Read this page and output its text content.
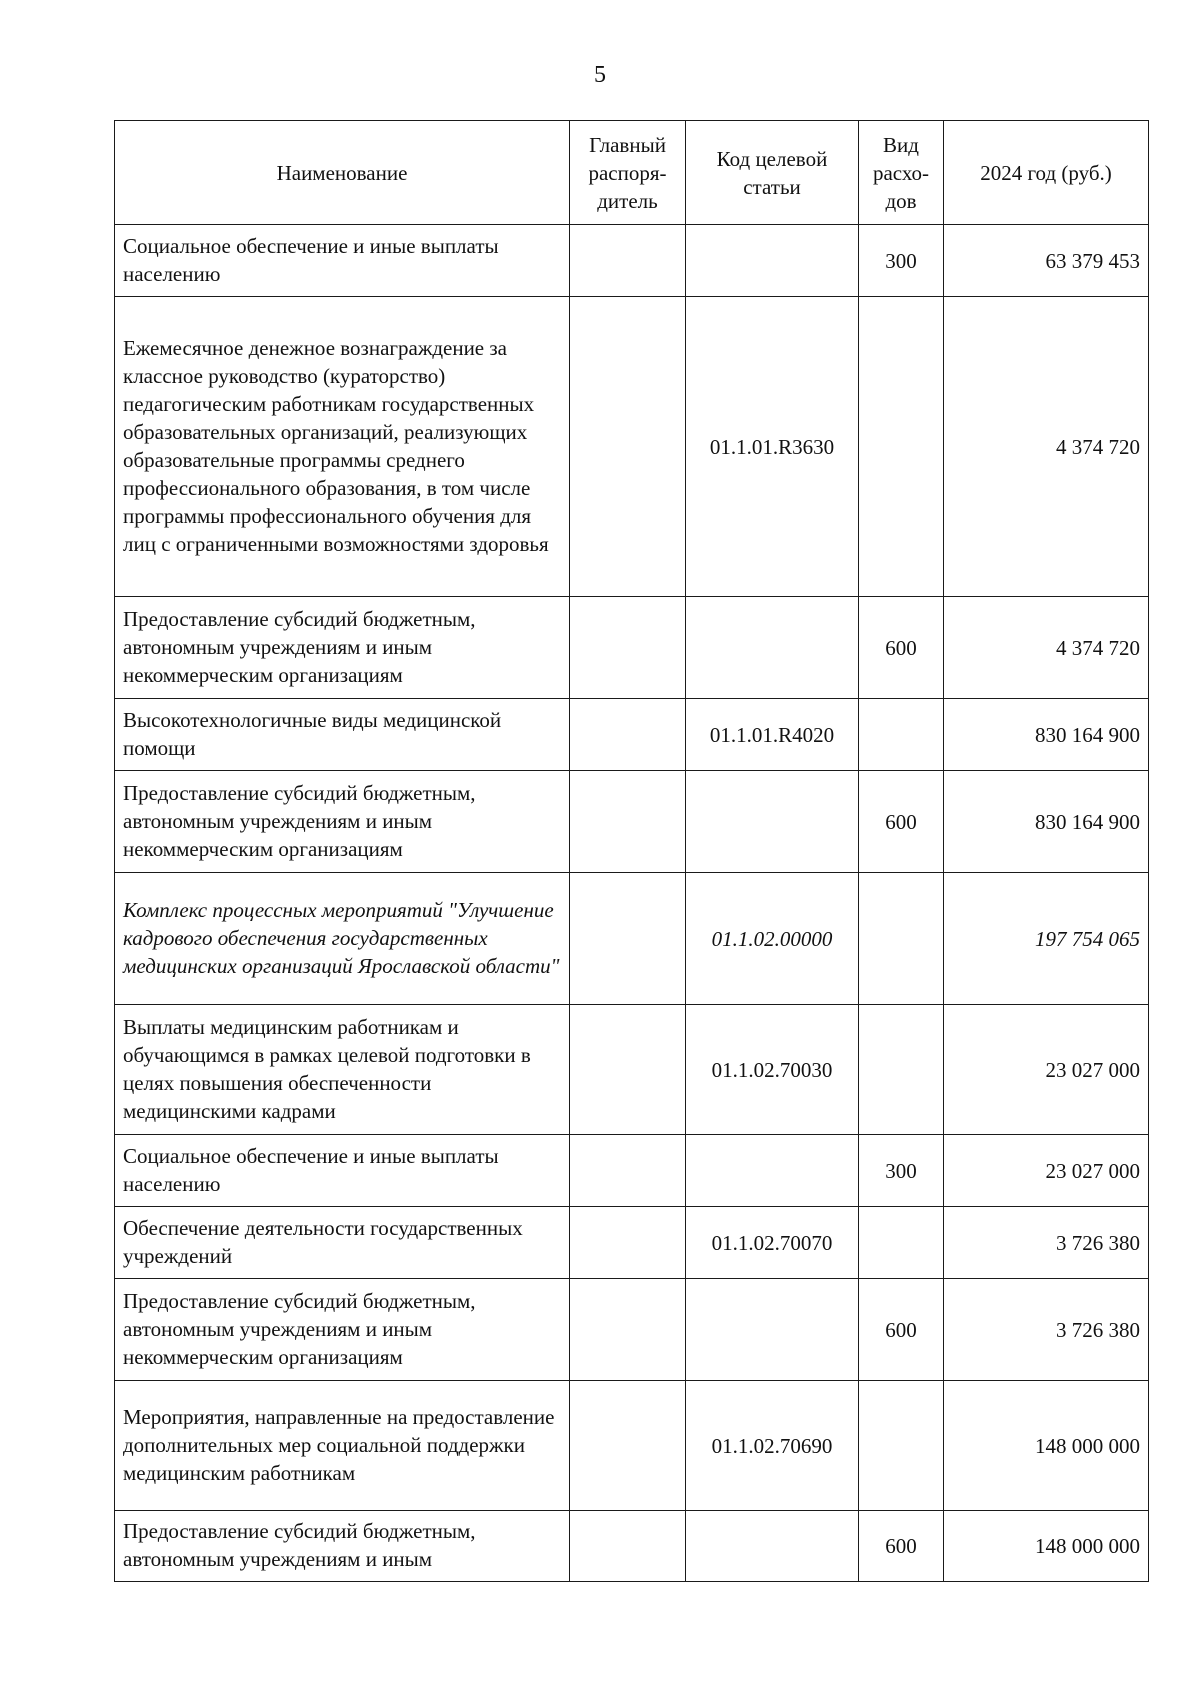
5
Наименование	Главный распоря-дитель	Код целевой статьи	Вид расхо-дов	2024 год (руб.)
Социальное обеспечение и иные выплаты населению			300	63 379 453
Ежемесячное денежное вознаграждение за классное руководство (кураторство) педагогическим работникам государственных образовательных организаций, реализующих образовательные программы среднего профессионального образования, в том числе программы профессионального обучения для лиц с ограниченными возможностями здоровья		01.1.01.R3630		4 374 720
Предоставление субсидий бюджетным, автономным учреждениям и иным некоммерческим организациям			600	4 374 720
Высокотехнологичные виды медицинской помощи		01.1.01.R4020		830 164 900
Предоставление субсидий бюджетным, автономным учреждениям и иным некоммерческим организациям			600	830 164 900
Комплекс процессных мероприятий "Улучшение кадрового обеспечения государственных медицинских организаций Ярославской области"		01.1.02.00000		197 754 065
Выплаты медицинским работникам и обучающимся в рамках целевой подготовки в целях повышения обеспеченности медицинскими кадрами		01.1.02.70030		23 027 000
Социальное обеспечение и иные выплаты населению			300	23 027 000
Обеспечение деятельности государственных учреждений		01.1.02.70070		3 726 380
Предоставление субсидий бюджетным, автономным учреждениям и иным некоммерческим организациям			600	3 726 380
Мероприятия, направленные на предоставление дополнительных мер социальной поддержки медицинским работникам		01.1.02.70690		148 000 000
Предоставление субсидий бюджетным, автономным учреждениям и иным			600	148 000 000
